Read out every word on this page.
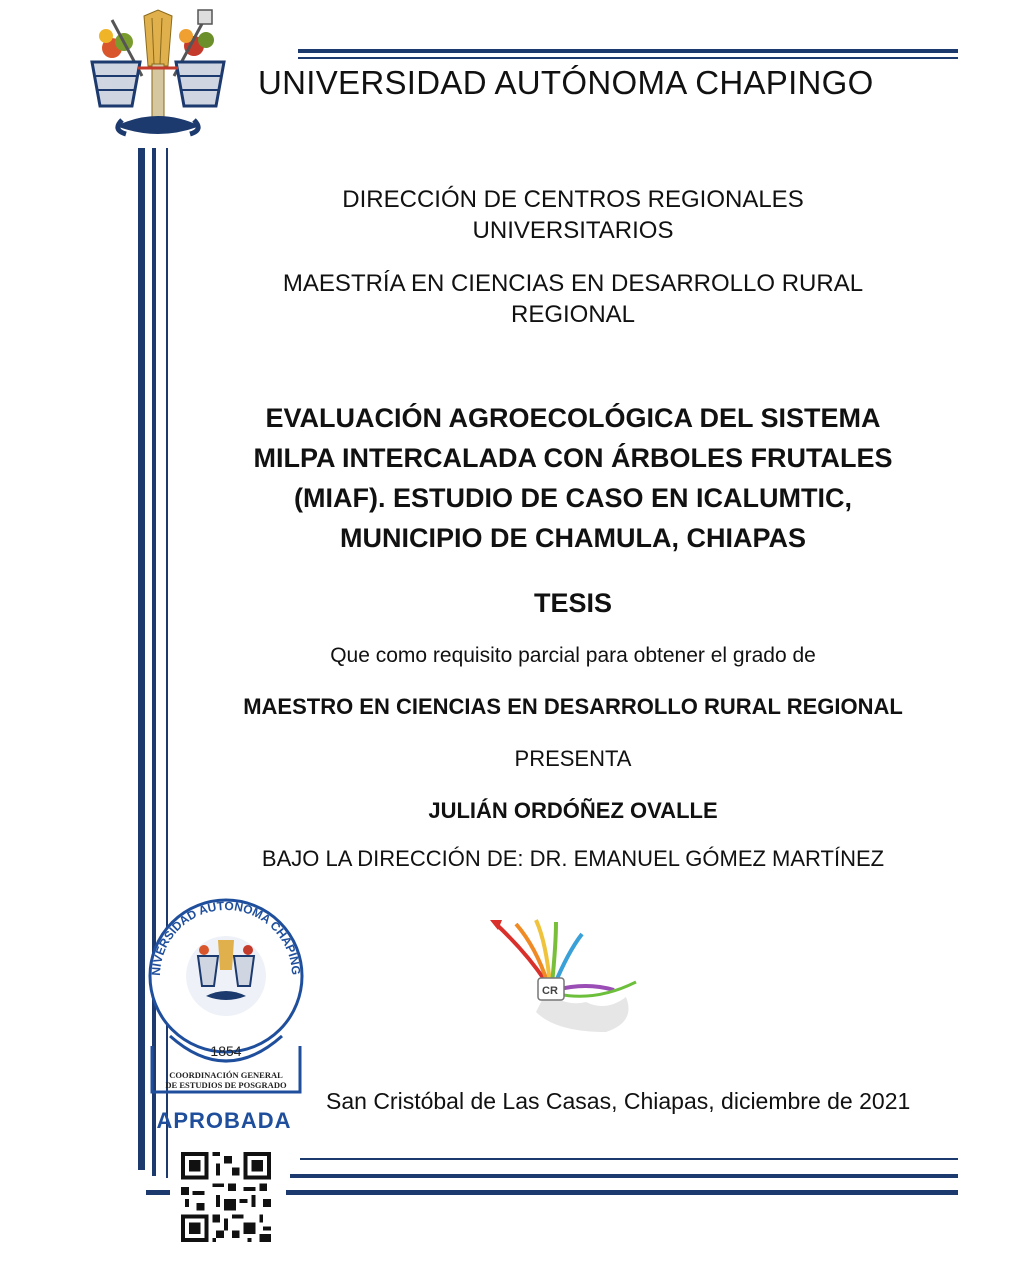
UNIVERSIDAD AUTÓNOMA CHAPINGO
DIRECCIÓN DE CENTROS REGIONALES
UNIVERSITARIOS
MAESTRÍA EN CIENCIAS EN DESARROLLO RURAL
REGIONAL
EVALUACIÓN AGROECOLÓGICA DEL SISTEMA
MILPA INTERCALADA CON ÁRBOLES FRUTALES
(MIAF). ESTUDIO DE CASO EN ICALUMTIC,
MUNICIPIO DE CHAMULA, CHIAPAS
TESIS
Que como requisito parcial para obtener el grado de
MAESTRO EN CIENCIAS EN DESARROLLO RURAL REGIONAL
PRESENTA
JULIÁN ORDÓÑEZ OVALLE
BAJO LA DIRECCIÓN DE: DR. EMANUEL GÓMEZ MARTÍNEZ
CR
NIVERSIDAD AUTÓNOMA CHAPING
1854
COORDINACIÓN GENERAL
DE ESTUDIOS DE POSGRADO
APROBADA
San Cristóbal de Las Casas, Chiapas, diciembre de 2021
